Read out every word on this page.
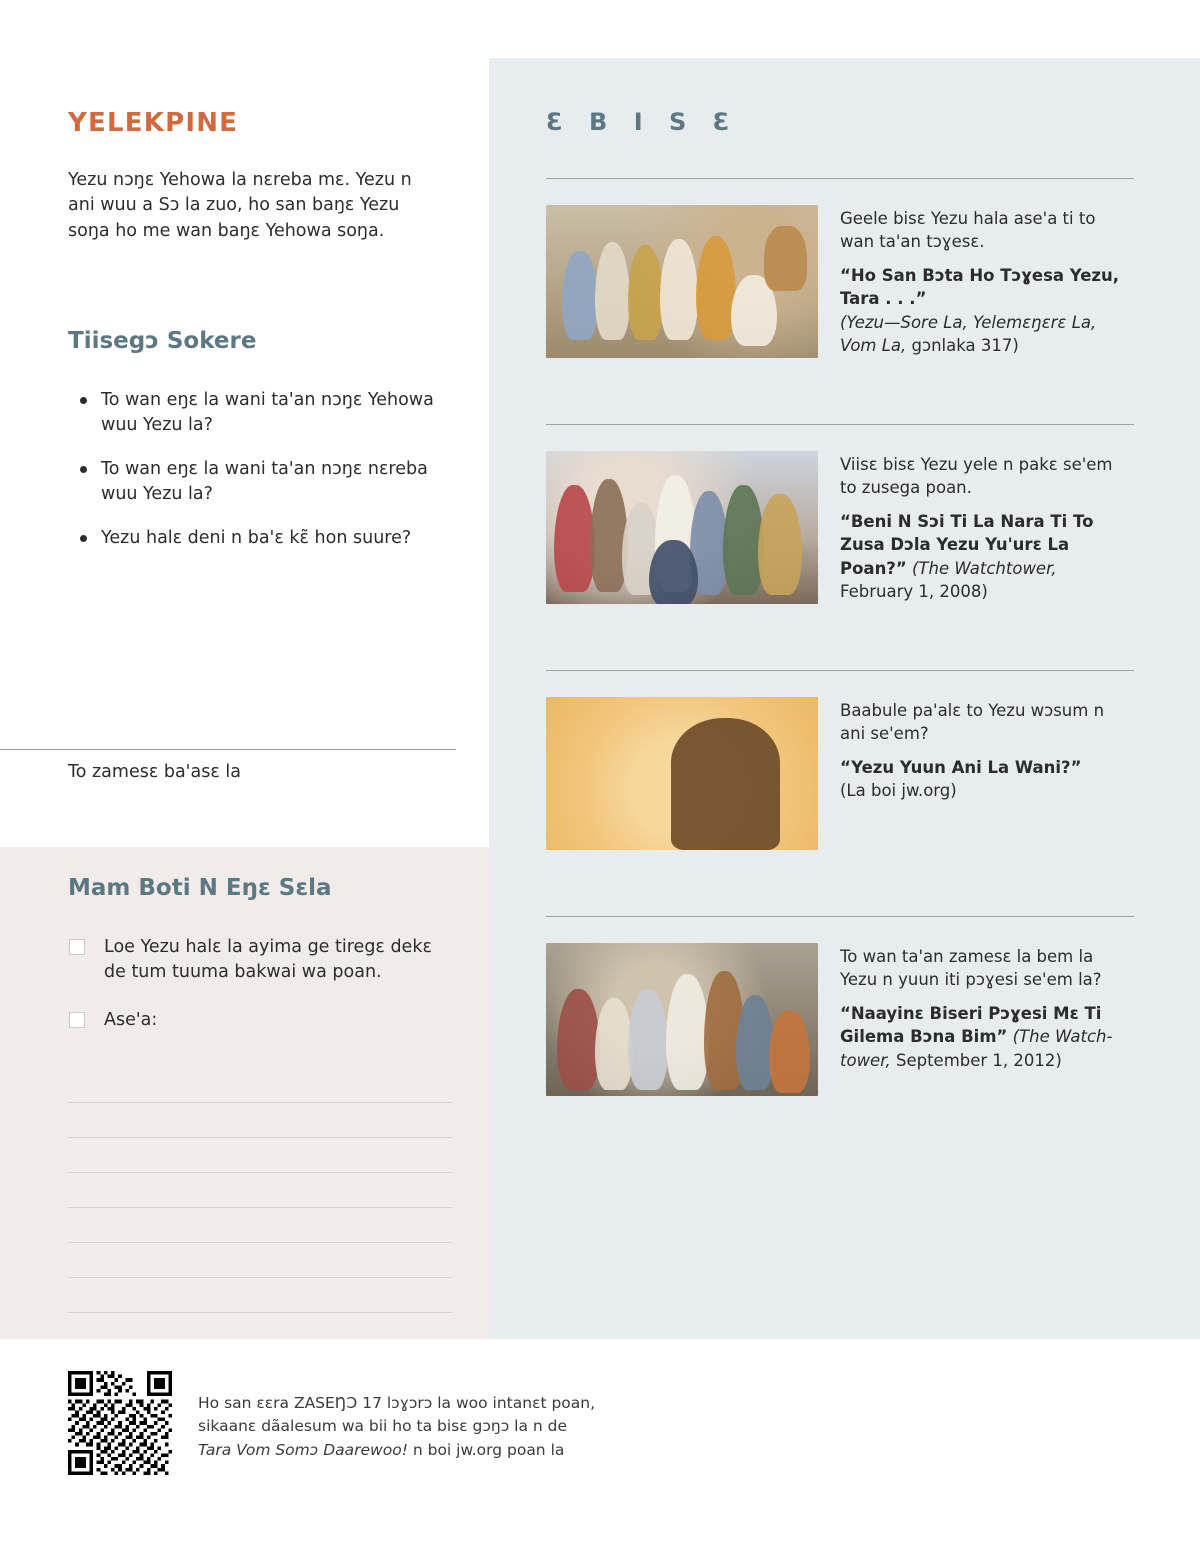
YELEKPINE
Yezu nɔŋɛ Yehowa la nɛreba mɛ. Yezu n ani wuu a Sɔ la zuo, ho san baŋɛ Yezu soŋa ho me wan baŋɛ Yehowa soŋa.
Tiisegɔ Sokere
To wan eŋɛ la wani ta'an nɔŋɛ Yehowa wuu Yezu la?
To wan eŋɛ la wani ta'an nɔŋɛ nɛreba wuu Yezu la?
Yezu halɛ deni n ba'ɛ kɛ̃ hon suure?
To zamesɛ ba'asɛ la
Mam Boti N Eŋɛ Sɛla
Loe Yezu halɛ la ayima ge tiregɛ dekɛ de tum tuuma bakwai wa poan.
Ase'a:
Ɛ B I S Ɛ

Geele bisɛ Yezu hala ase'a ti to wan ta'an tɔɣesɛ.

“Ho San Bɔta Ho Tɔɣesa Yezu, Tara . . .”
(Yezu—Sore La, Yelemɛŋɛrɛ La, Vom La, gɔnlaka 317)

Viisɛ bisɛ Yezu yele n pakɛ se'em to zusega poan.

“Beni N Sɔi Ti La Nara Ti To Zusa Dɔla Yezu Yu'urɛ La Poan?” (The Watchtower, February 1, 2008)

Baabule pa'alɛ to Yezu wɔsum n ani se'em?

“Yezu Yuun Ani La Wani?”
(La boi jw.org)

To wan ta'an zamesɛ la bem la Yezu n yuun iti pɔɣesi se'em la?

“Naayinɛ Biseri Pɔɣesi Mɛ Ti Gilema Bɔna Bim” (The Watch-tower, September 1, 2012)

Ho san ɛɛra ZASEŊƆ 17 lɔɣɔrɔ la woo intanɛt poan,
sikaanɛ dãalesum wa bii ho ta bisɛ gɔŋɔ la n de
Tara Vom Somɔ Daarewoo! n boi jw.org poan la
